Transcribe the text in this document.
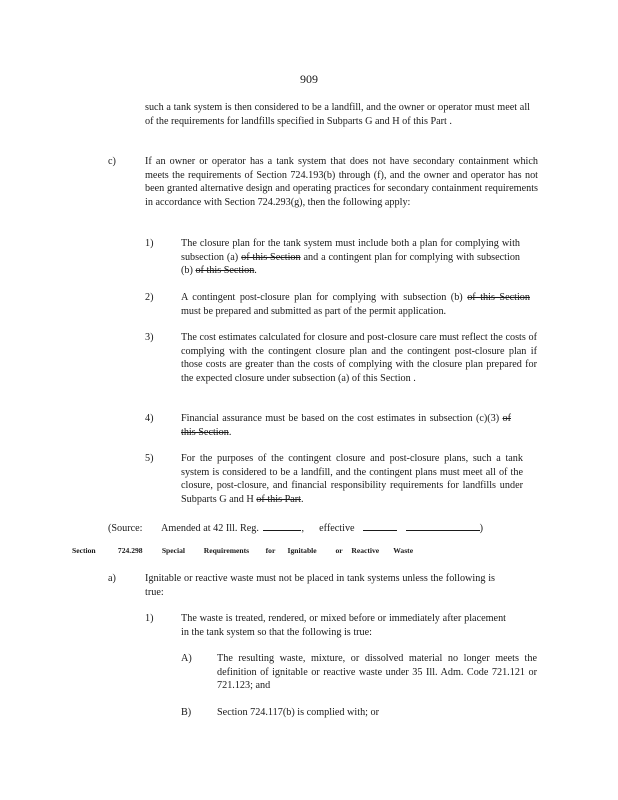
909

such a tank system is then considered to be a landfill, and the owner or operator must meet all of the requirements for landfills specified in Subparts G and H of this Part .

c)	If an owner or operator has a tank system that does not have secondary containment which meets the requirements of Section 724.193(b) through (f), and the owner and operator has not been granted alternative design and operating practices for secondary containment requirements in accordance with Section 724.293(g), then the following apply:

1)	The closure plan for the tank system must include both a plan for complying with subsection (a) of this Section and a contingent plan for complying with subsection (b) of this Section.

2)	A contingent post-closure plan for complying with subsection (b) of this Section must be prepared and submitted as part of the permit application.

3)	The cost estimates calculated for closure and post-closure care must reflect the costs of complying with the contingent closure plan and the contingent post-closure plan if those costs are greater than the costs of complying with the closure plan prepared for the expected closure under subsection (a) of this Section .

4)	Financial assurance must be based on the cost estimates in subsection (c)(3) of this Section.

5)	For the purposes of the contingent closure and post-closure plans, such a tank system is considered to be a landfill, and the contingent plans must meet all of the closure, post-closure, and financial responsibility requirements for landfills under Subparts G and H of this Part.

(Source: Amended at 42 Ill. Reg.	, effective	)
Section	724.298	Special Requirements for Ignitable or Reactive Waste
a)	Ignitable or reactive waste must not be placed in tank systems unless the following is true:

1)	The waste is treated, rendered, or mixed before or immediately after placement in the tank system so that the following is true:

A) The resulting waste, mixture, or dissolved material no longer meets the definition of ignitable or reactive waste under 35 Ill. Adm. Code 721.121 or 721.123; and

B)	Section 724.117(b) is complied with; or
